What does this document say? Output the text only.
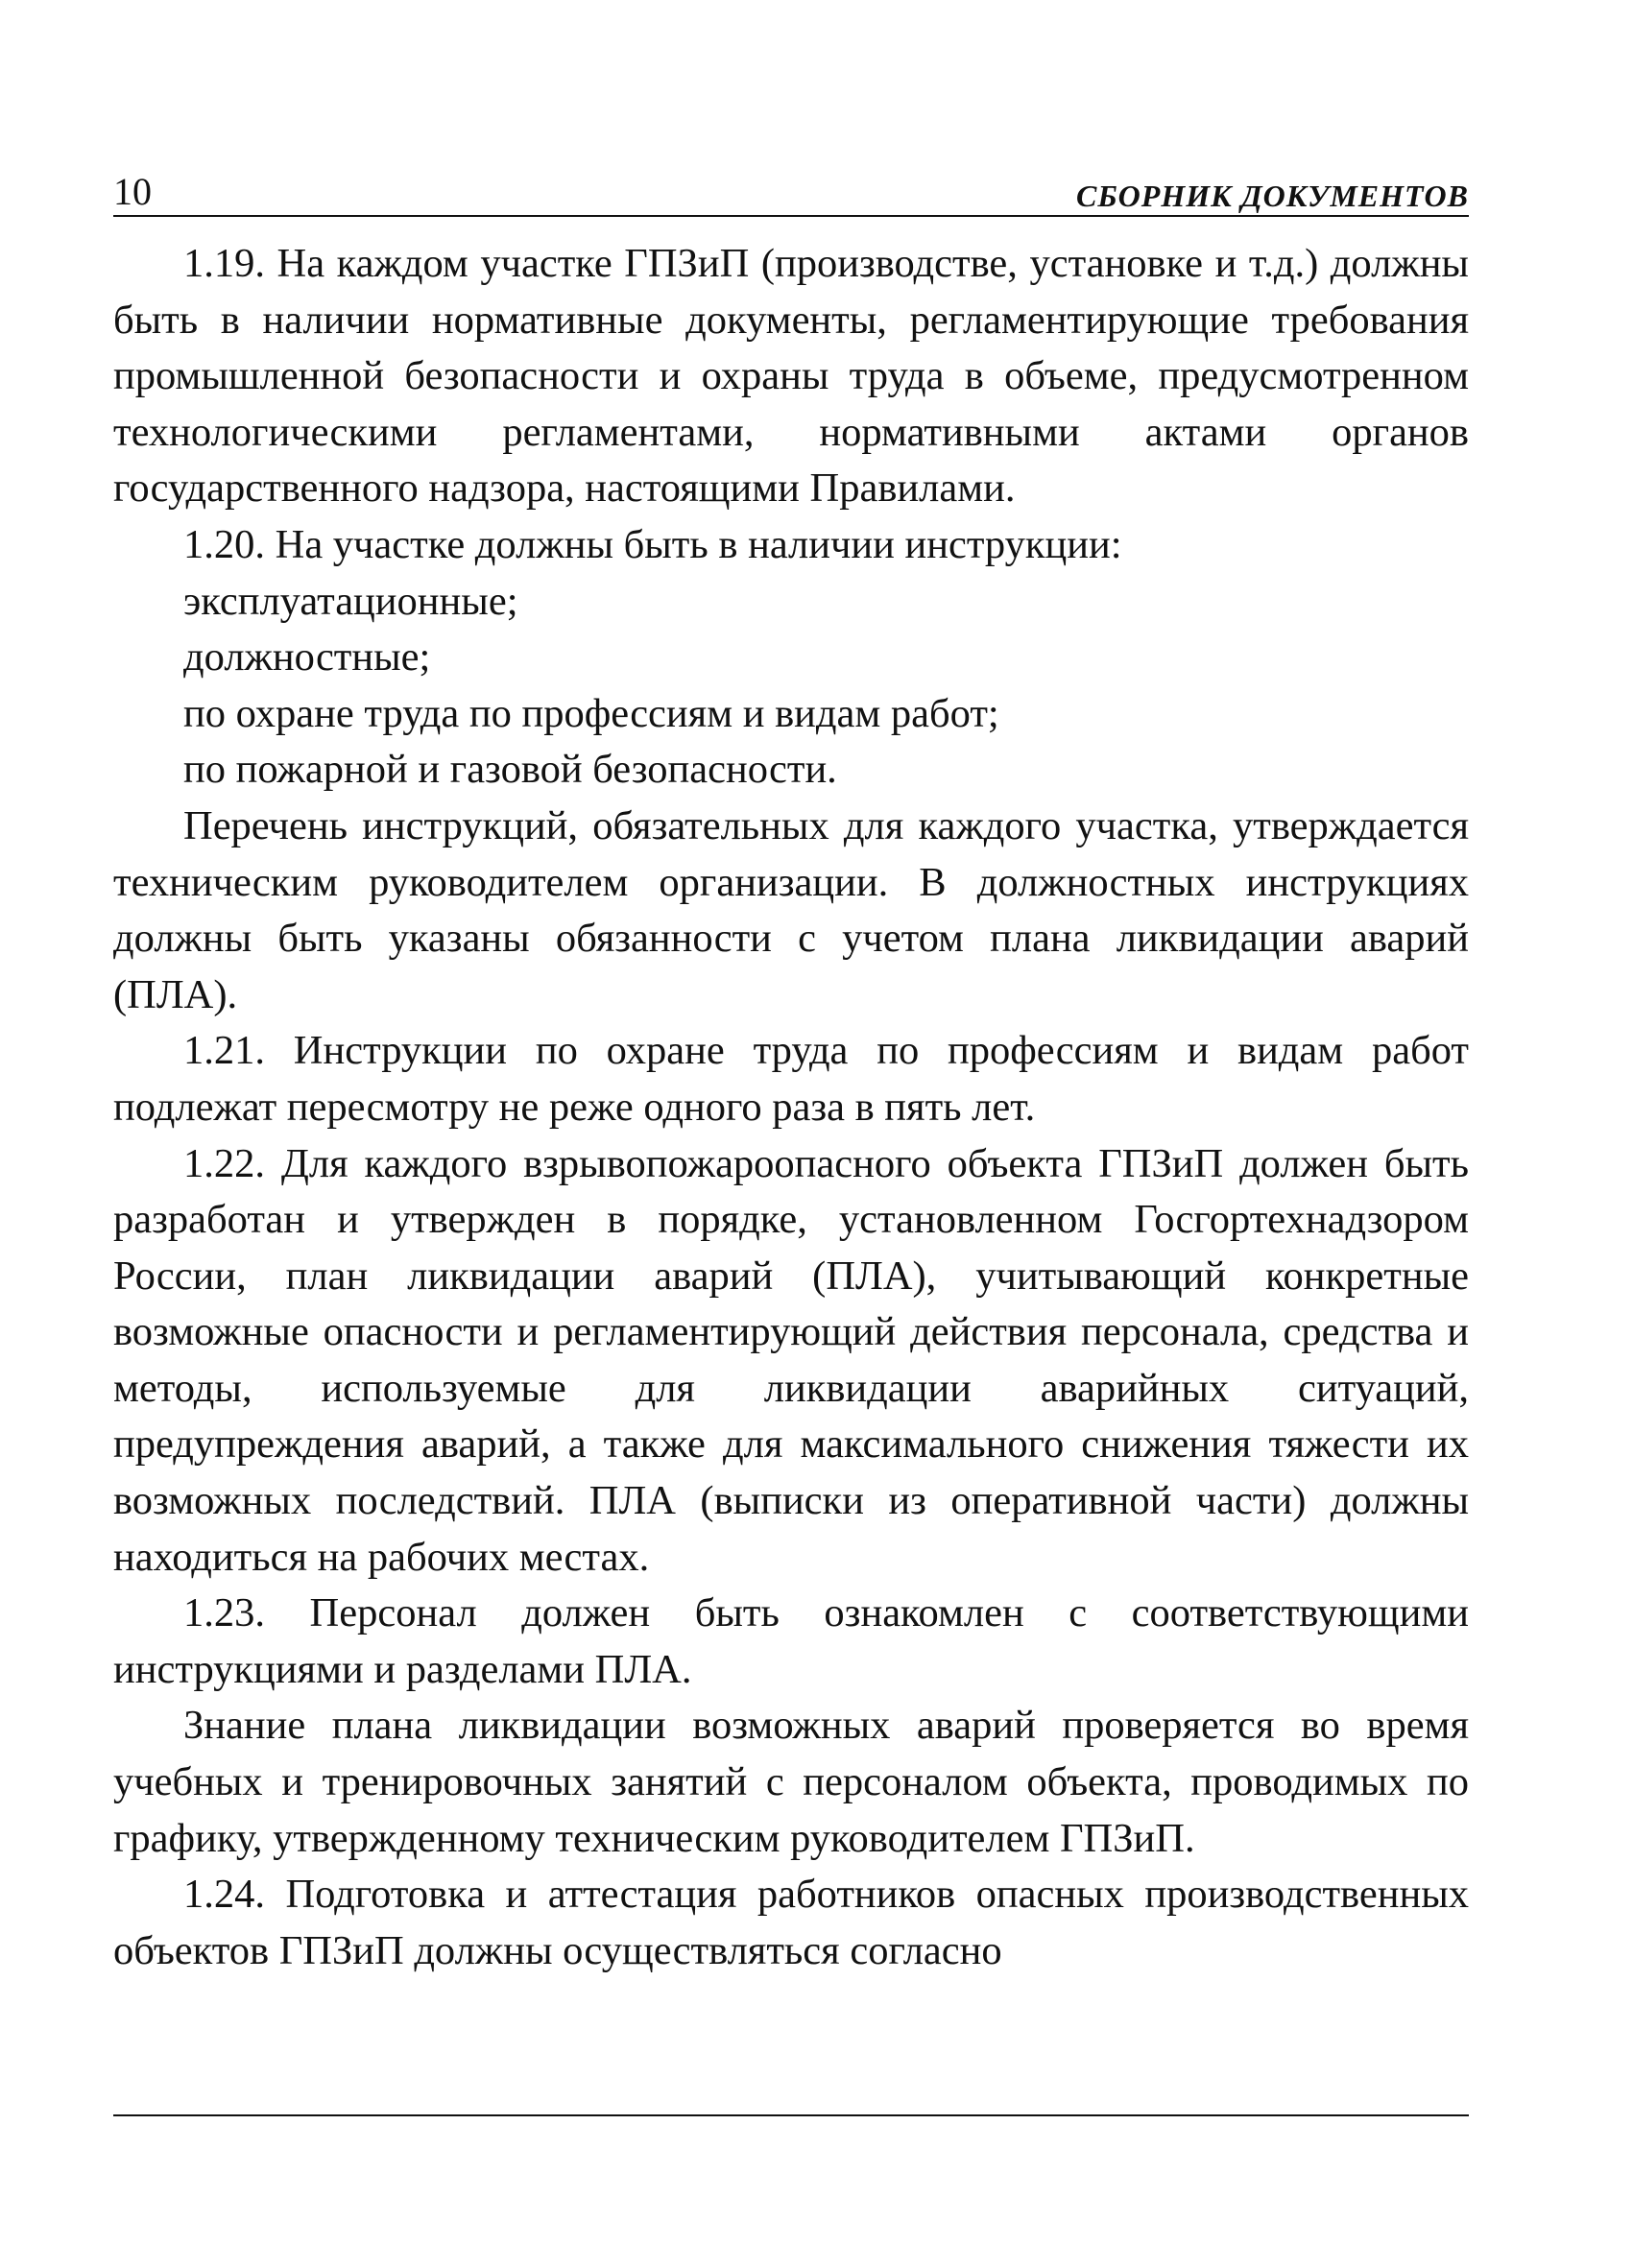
10	СБОРНИК ДОКУМЕНТОВ

1.19. На каждом участке ГПЗиП (производстве, установке и т.д.) должны быть в наличии нормативные документы, регламентирующие требования промышленной безопасности и охраны труда в объеме, предусмотренном технологическими регламентами, нормативными актами органов государственного надзора, настоящими Правилами.

1.20. На участке должны быть в наличии инструкции:

эксплуатационные;

должностные;

по охране труда по профессиям и видам работ;

по пожарной и газовой безопасности.

Перечень инструкций, обязательных для каждого участка, утверждается техническим руководителем организации. В должностных инструкциях должны быть указаны обязанности с учетом плана ликвидации аварий (ПЛА).

1.21. Инструкции по охране труда по профессиям и видам работ подлежат пересмотру не реже одного раза в пять лет.

1.22. Для каждого взрывопожароопасного объекта ГПЗиП должен быть разработан и утвержден в порядке, установленном Госгортехнадзором России, план ликвидации аварий (ПЛА), учитывающий конкретные возможные опасности и регламентирующий действия персонала, средства и методы, используемые для ликвидации аварийных ситуаций, предупреждения аварий, а также для максимального снижения тяжести их возможных последствий. ПЛА (выписки из оперативной части) должны находиться на рабочих местах.

1.23. Персонал должен быть ознакомлен с соответствующими инструкциями и разделами ПЛА.

Знание плана ликвидации возможных аварий проверяется во время учебных и тренировочных занятий с персоналом объекта, проводимых по графику, утвержденному техническим руководителем ГПЗиП.

1.24. Подготовка и аттестация работников опасных производственных объектов ГПЗиП должны осуществляться согласно
